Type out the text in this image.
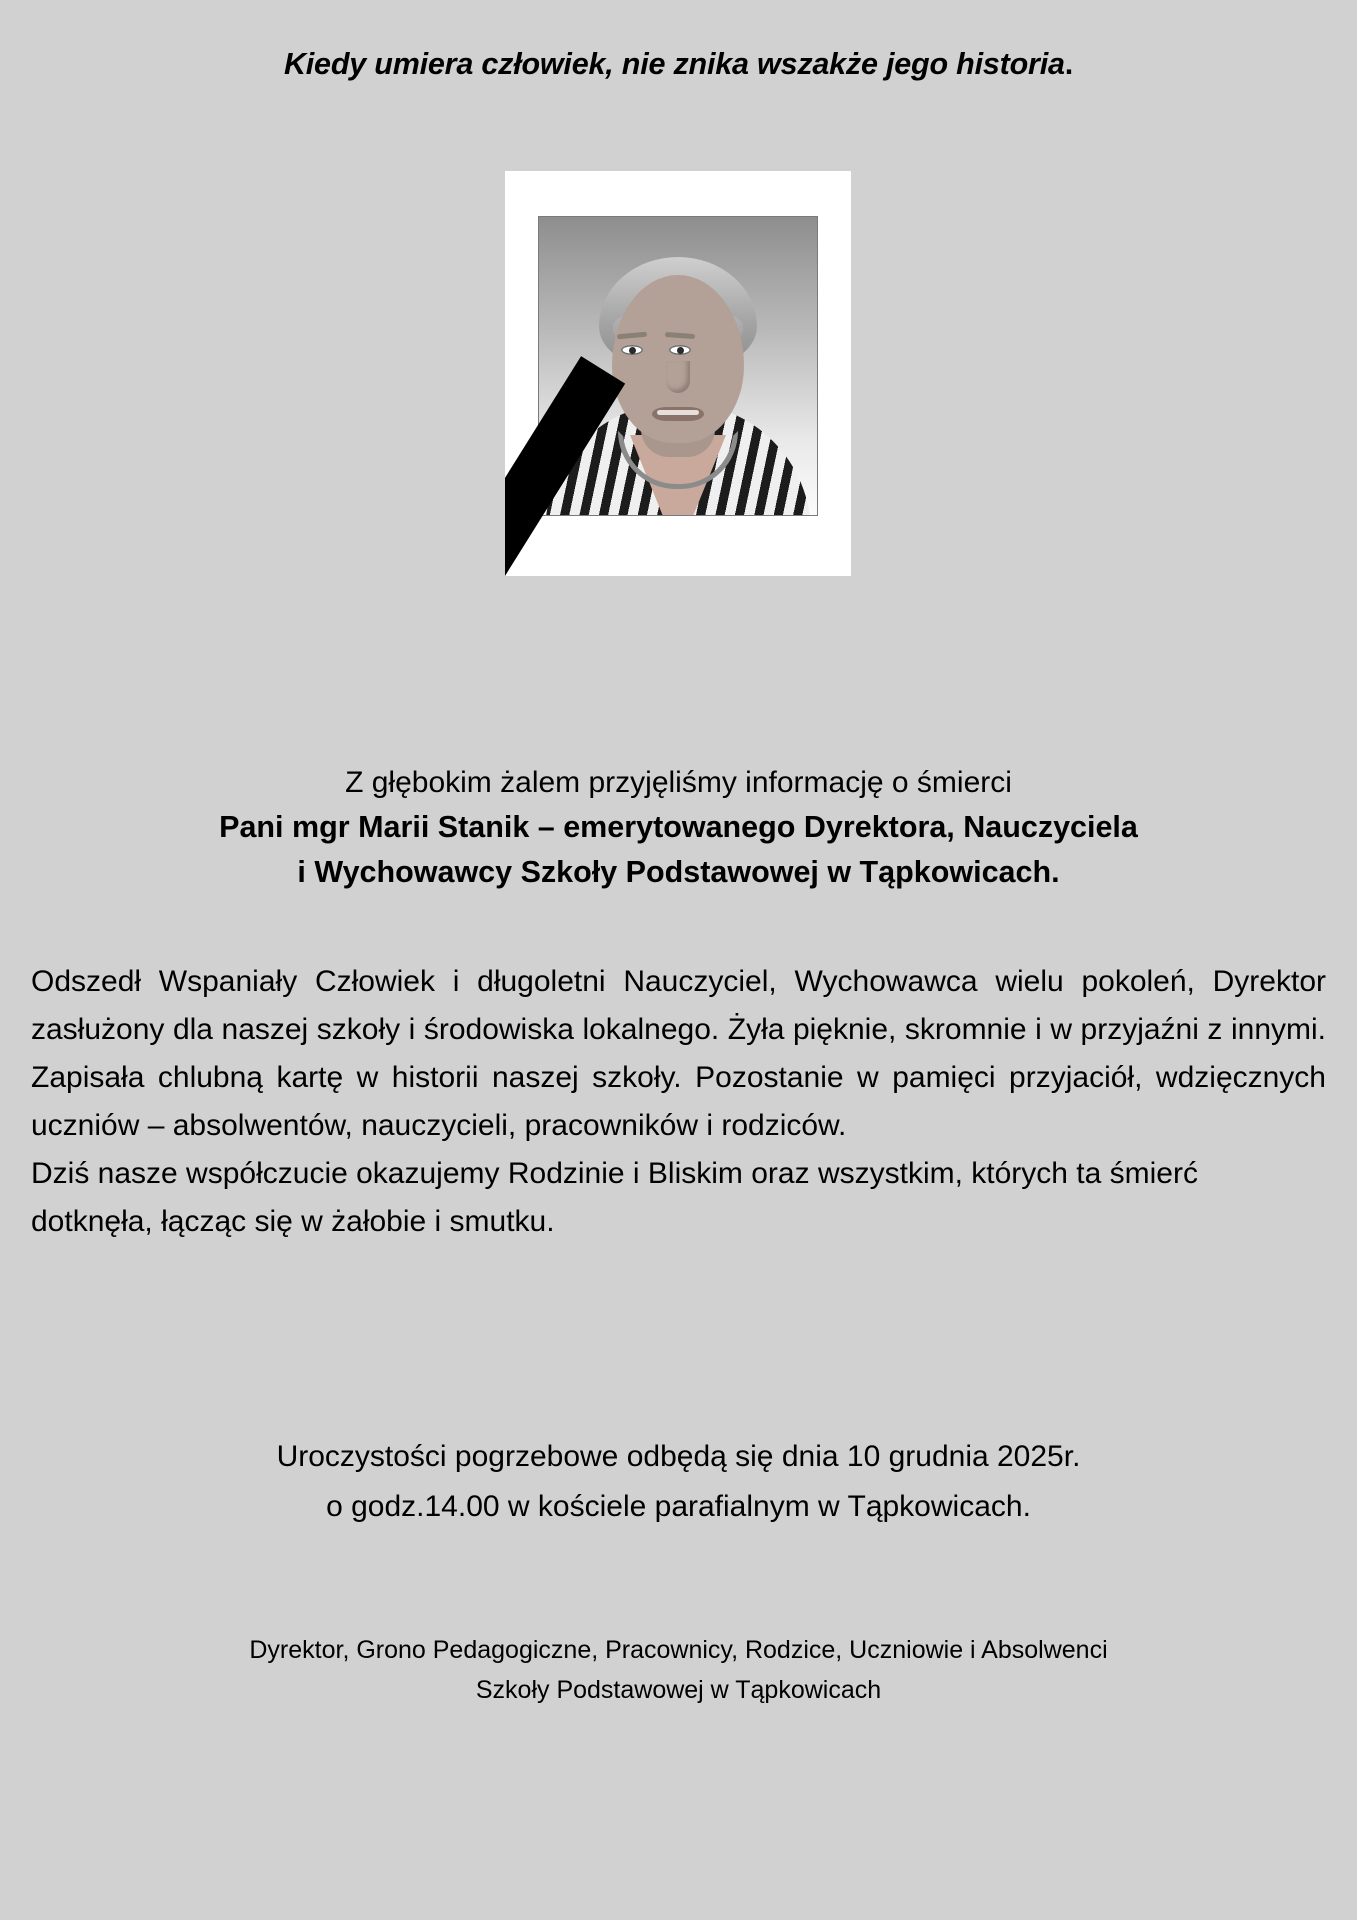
Kiedy umiera człowiek, nie znika wszakże jego historia.
Z głębokim żalem przyjęliśmy informację o śmierci
Pani mgr Marii Stanik – emerytowanego Dyrektora, Nauczyciela
i Wychowawcy Szkoły Podstawowej w Tąpkowicach.

Odszedł Wspaniały Człowiek i długoletni Nauczyciel, Wychowawca wielu pokoleń, Dyrektor zasłużony dla naszej szkoły i środowiska lokalnego. Żyła pięknie, skromnie i w przyjaźni z innymi. Zapisała chlubną kartę w historii naszej szkoły. Pozostanie w pamięci przyjaciół, wdzięcznych uczniów – absolwentów, nauczycieli, pracowników i rodziców.

Dziś nasze współczucie okazujemy Rodzinie i Bliskim oraz wszystkim, których ta śmierć dotknęła, łącząc się w żałobie i smutku.

Uroczystości pogrzebowe odbędą się dnia 10 grudnia 2025r.
o godz.14.00 w kościele parafialnym w Tąpkowicach.
Dyrektor, Grono Pedagogiczne, Pracownicy, Rodzice, Uczniowie i Absolwenci
Szkoły Podstawowej w Tąpkowicach
